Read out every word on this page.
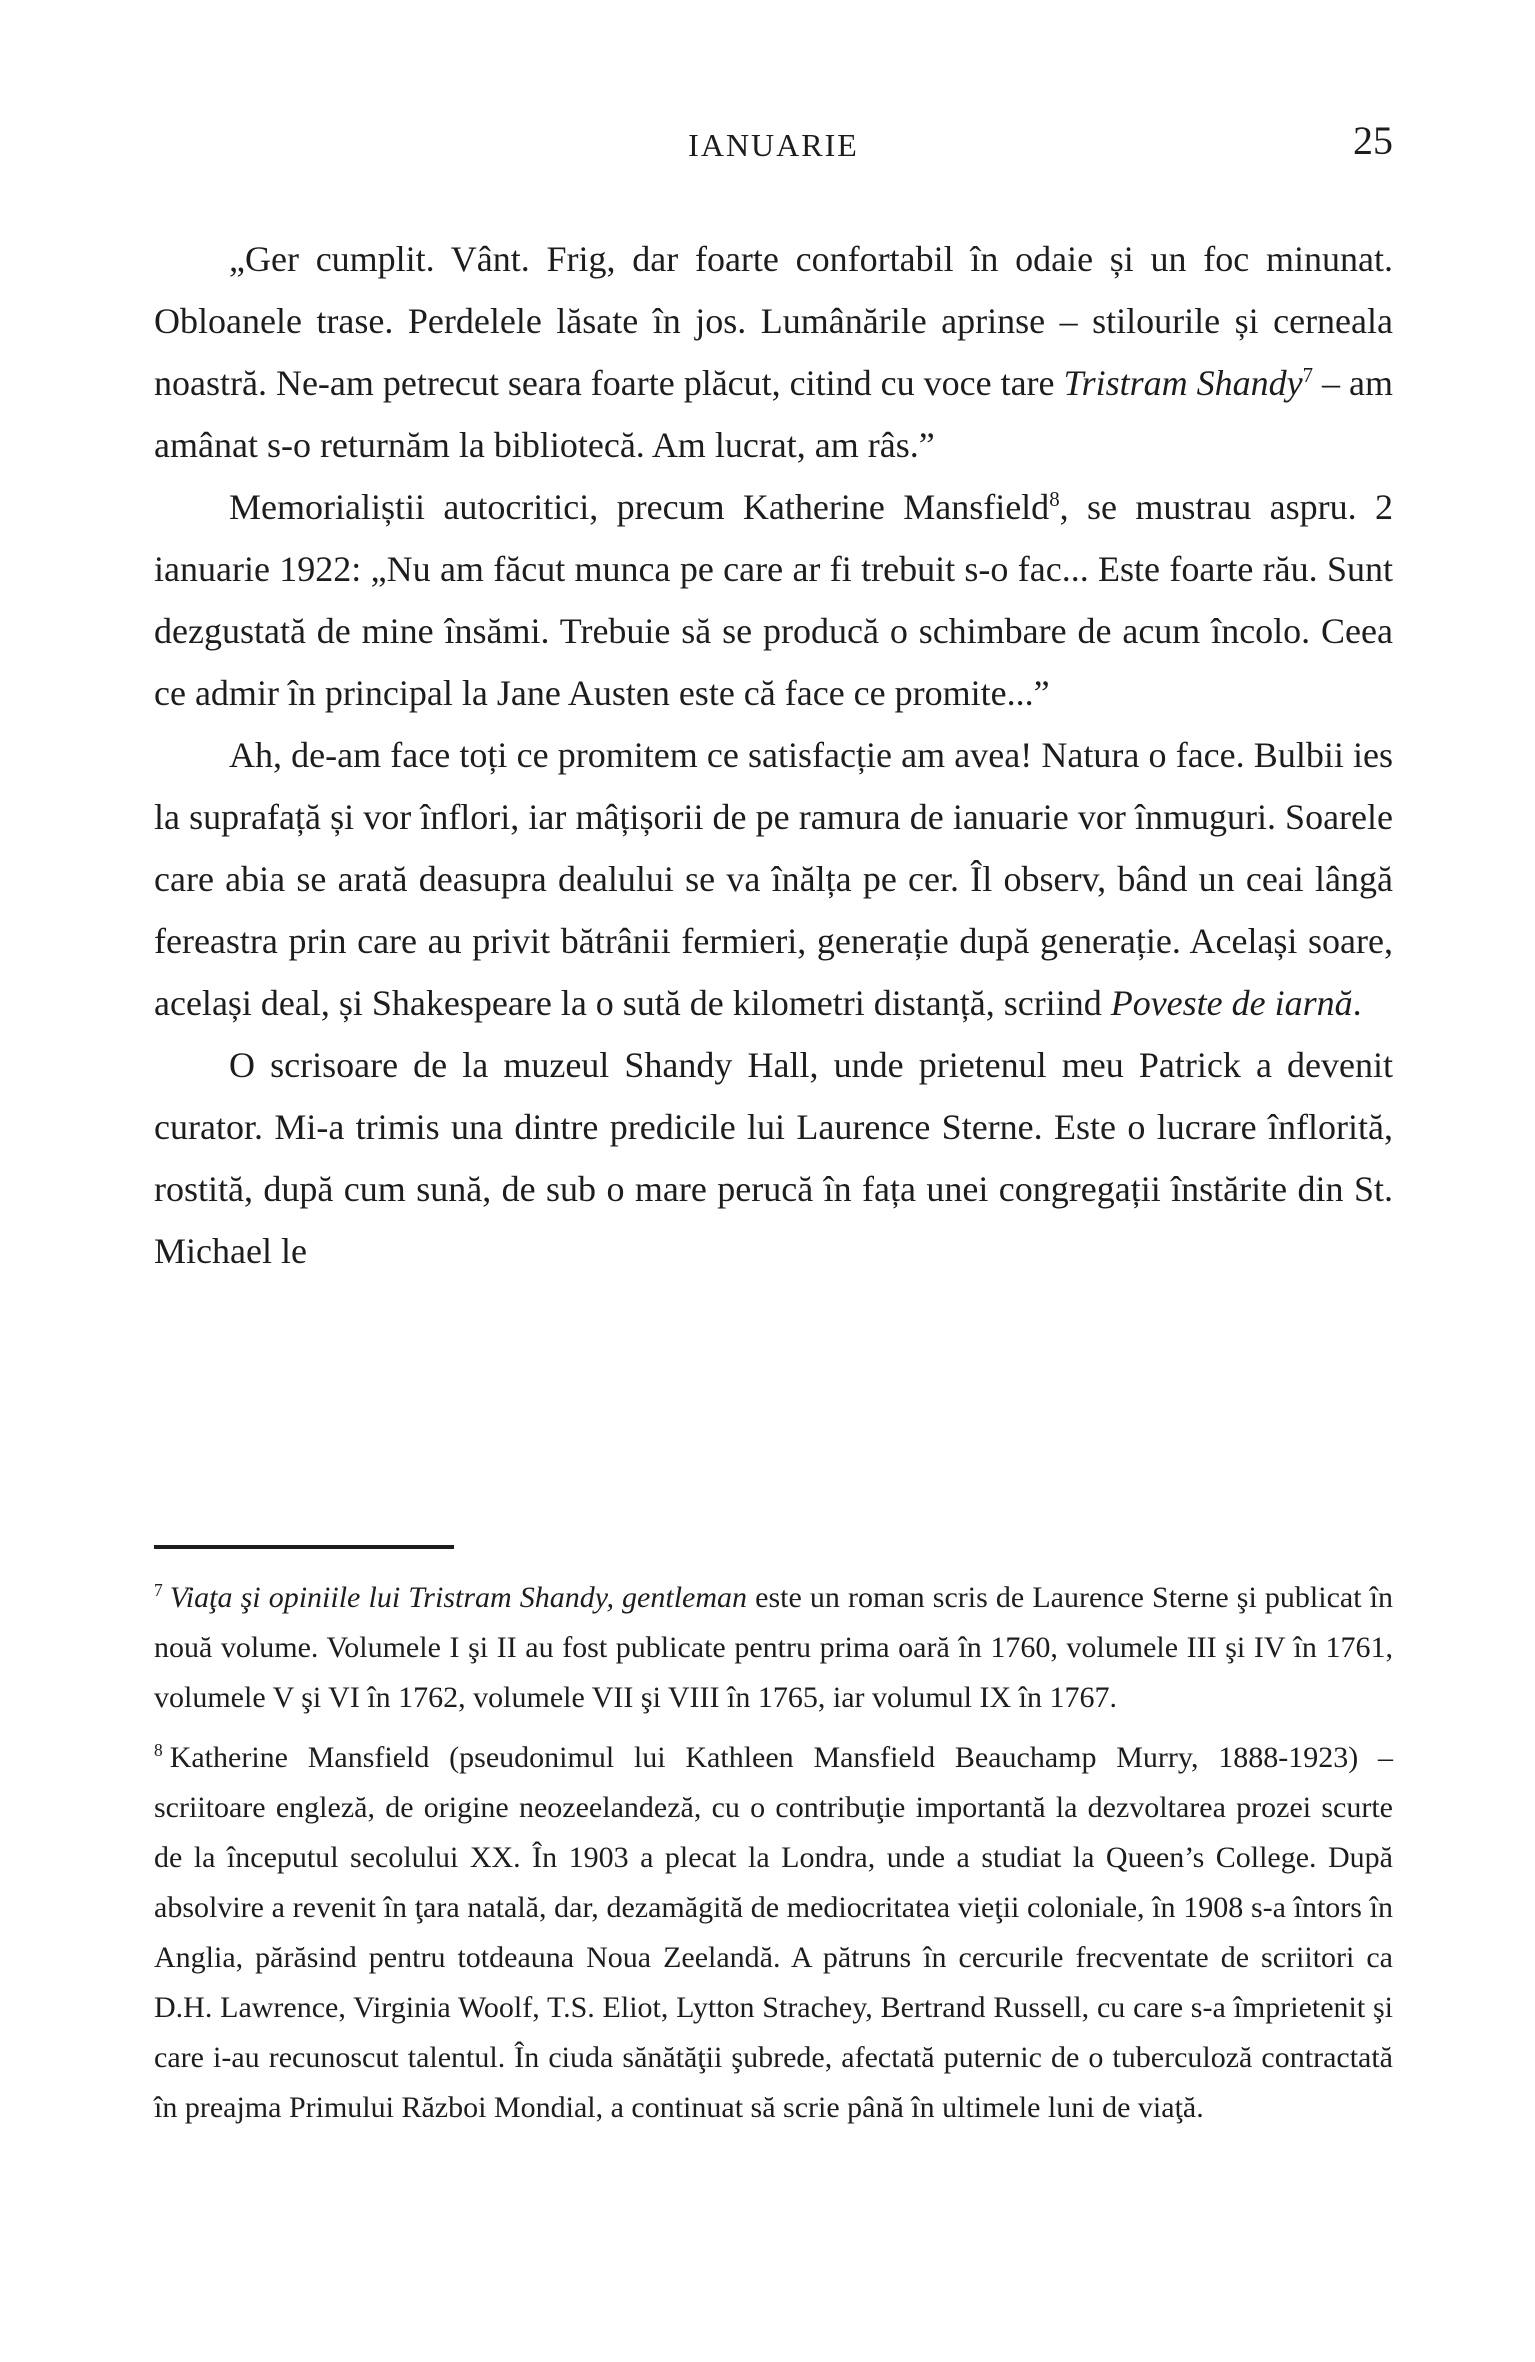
IANUARIE	25

„Ger cumplit. Vânt. Frig, dar foarte confortabil în odaie și un foc minunat. Obloanele trase. Perdelele lăsate în jos. Lumânările aprinse – stilourile și cerneala noastră. Ne-am petrecut seara foarte plăcut, citind cu voce tare Tristram Shandy$^7$ – am amânat s-o returnăm la bibliotecă. Am lucrat, am râs.”

Memorialiștii autocritici, precum Katherine Mansfield$^8$, se mustrau aspru. 2 ianuarie 1922: „Nu am făcut munca pe care ar fi trebuit s-o fac... Este foarte rău. Sunt dezgustată de mine însămi. Trebuie să se producă o schimbare de acum încolo. Ceea ce admir în principal la Jane Austen este că face ce promite...”

Ah, de-am face toți ce promitem ce satisfacție am avea! Natura o face. Bulbii ies la suprafață și vor înflori, iar mâțișorii de pe ramura de ianuarie vor înmuguri. Soarele care abia se arată deasupra dealului se va înălța pe cer. Îl observ, bând un ceai lângă fereastra prin care au privit bătrânii fermieri, generație după generație. Același soare, același deal, și Shakespeare la o sută de kilometri distanță, scriind Poveste de iarnă.

O scrisoare de la muzeul Shandy Hall, unde prietenul meu Patrick a devenit curator. Mi-a trimis una dintre predicile lui Laurence Sterne. Este o lucrare înflorită, rostită, după cum sună, de sub o mare perucă în fața unei congregații înstărite din St. Michael le

$^7$ Viaţa şi opiniile lui Tristram Shandy, gentleman este un roman scris de Laurence Sterne şi publicat în nouă volume. Volumele I şi II au fost publicate pentru prima oară în 1760, volumele III şi IV în 1761, volumele V şi VI în 1762, volumele VII şi VIII în 1765, iar volumul IX în 1767.

$^8$ Katherine Mansfield (pseudonimul lui Kathleen Mansfield Beauchamp Murry, 1888-1923) – scriitoare engleză, de origine neozeelandeză, cu o contribuţie importantă la dezvoltarea prozei scurte de la începutul secolului XX. În 1903 a plecat la Londra, unde a studiat la Queen’s College. După absolvire a revenit în ţara natală, dar, dezamăgită de mediocritatea vieţii coloniale, în 1908 s-a întors în Anglia, părăsind pentru totdeauna Noua Zeelandă. A pătruns în cercurile frecventate de scriitori ca D.H. Lawrence, Virginia Woolf, T.S. Eliot, Lytton Strachey, Bertrand Russell, cu care s-a împrietenit şi care i-au recunoscut talentul. În ciuda sănătăţii şubrede, afectată puternic de o tuberculoză contractată în preajma Primului Război Mondial, a continuat să scrie până în ultimele luni de viaţă.
